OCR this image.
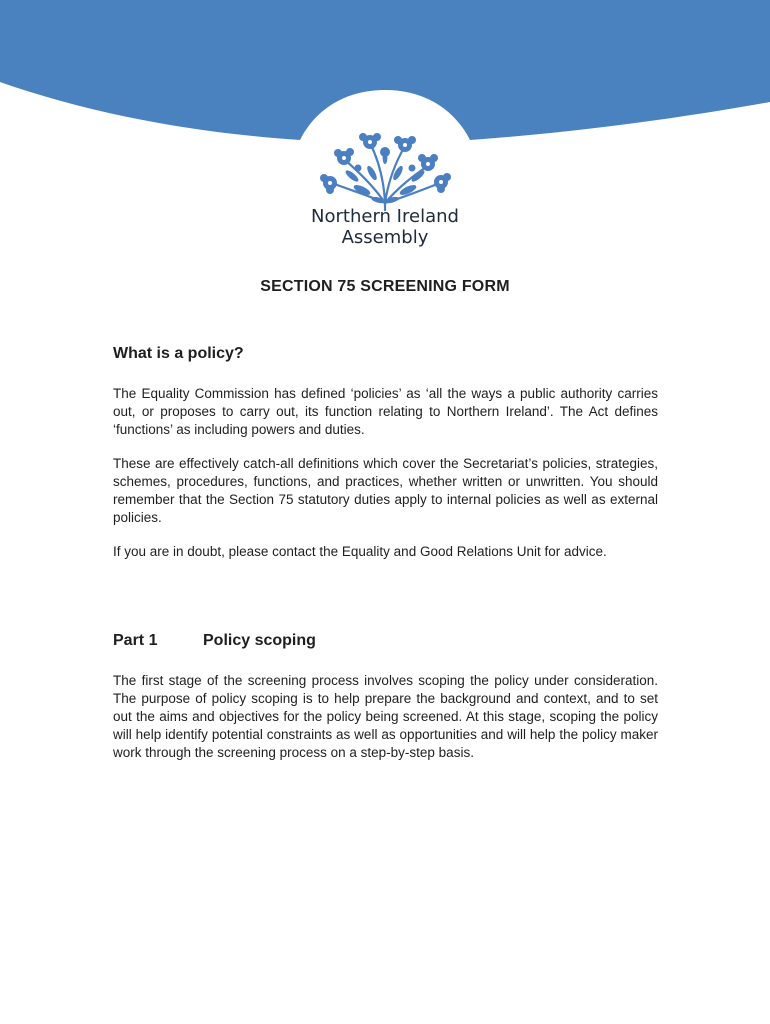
Northern Ireland
Assembly
SECTION 75 SCREENING FORM
What is a policy?
The Equality Commission has defined ‘policies’ as ‘all the ways a public authority carries out, or proposes to carry out, its function relating to Northern Ireland’. The Act defines ‘functions’ as including powers and duties.
These are effectively catch-all definitions which cover the Secretariat’s policies, strategies, schemes, procedures, functions, and practices, whether written or unwritten. You should remember that the Section 75 statutory duties apply to internal policies as well as external policies.
If you are in doubt, please contact the Equality and Good Relations Unit for advice.
Part 1	Policy scoping
The first stage of the screening process involves scoping the policy under consideration. The purpose of policy scoping is to help prepare the background and context, and to set out the aims and objectives for the policy being screened. At this stage, scoping the policy will help identify potential constraints as well as opportunities and will help the policy maker work through the screening process on a step-by-step basis.
